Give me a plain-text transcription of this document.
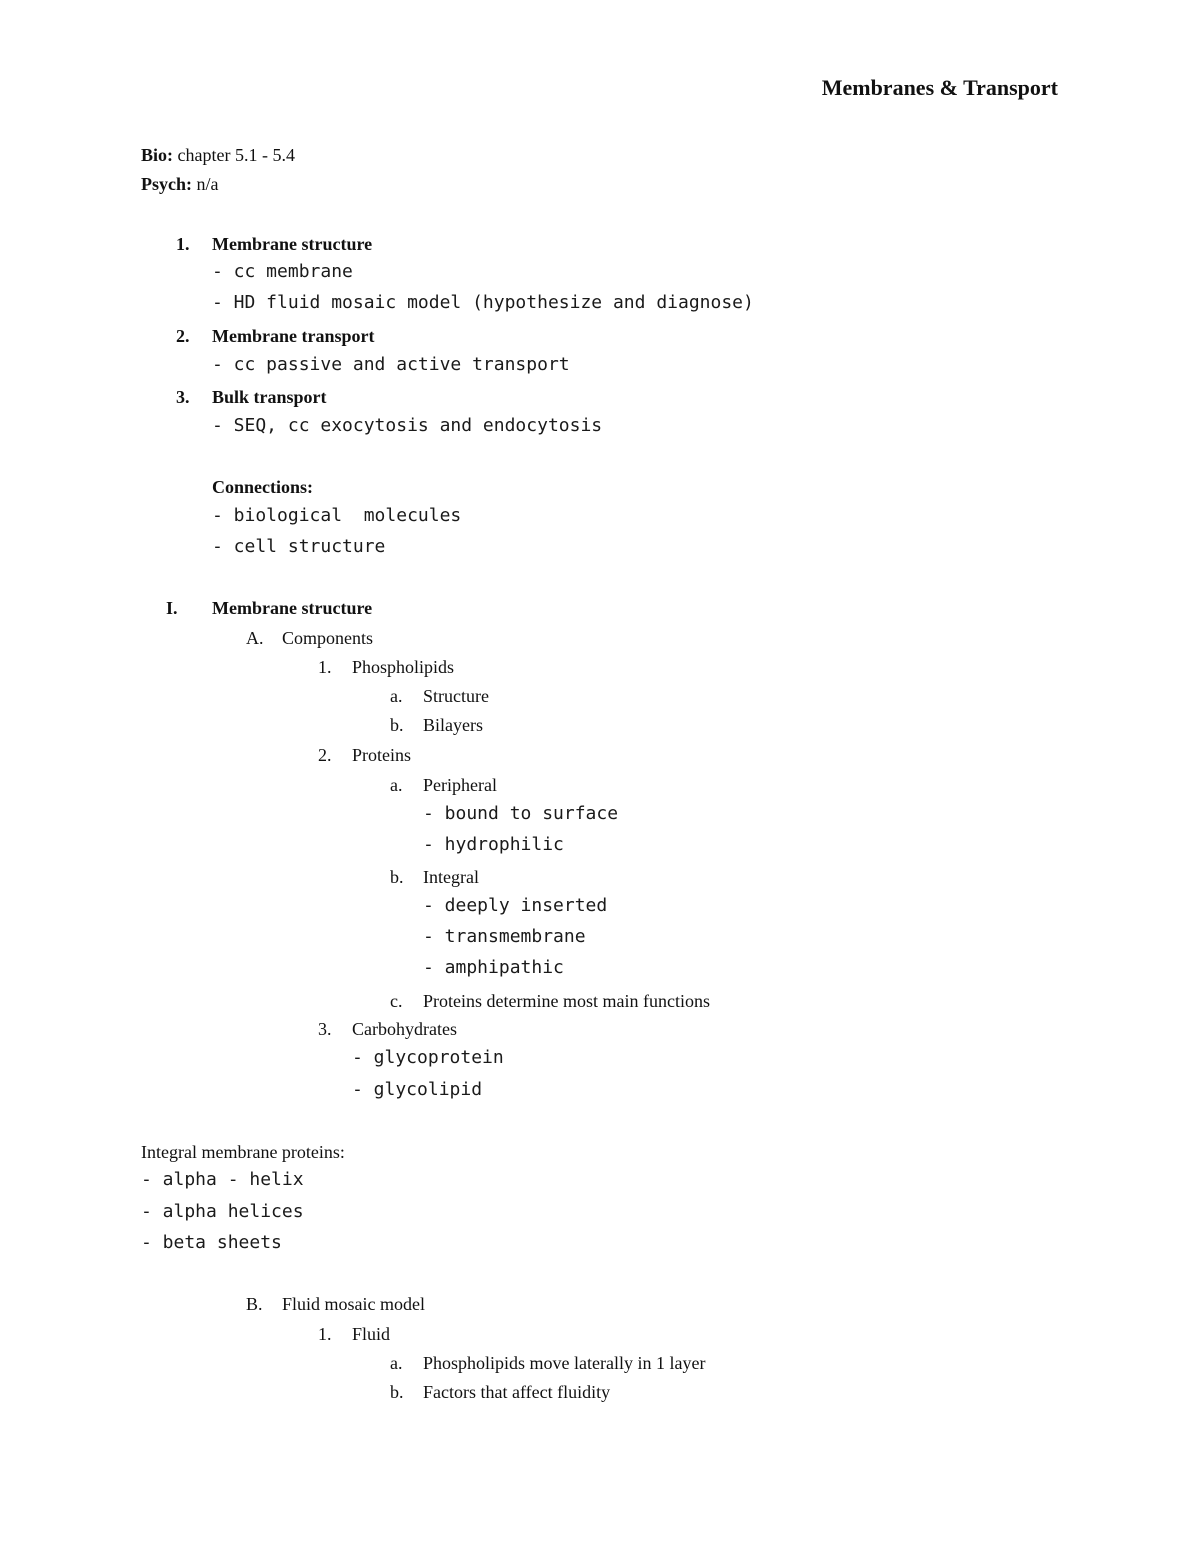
Membranes & Transport
Bio: chapter 5.1 - 5.4
Psych: n/a
1. Membrane structure
- cc membrane
- HD fluid mosaic model (hypothesize and diagnose)
2. Membrane transport
- cc passive and active transport
3. Bulk transport
- SEQ, cc exocytosis and endocytosis
Connections:
- biological  molecules
- cell structure
I. Membrane structure
A. Components
1. Phospholipids
a. Structure
b. Bilayers
2. Proteins
a. Peripheral
- bound to surface
- hydrophilic
b. Integral
- deeply inserted
- transmembrane
- amphipathic
c. Proteins determine most main functions
3. Carbohydrates
- glycoprotein
- glycolipid
Integral membrane proteins:
- alpha - helix
- alpha helices
- beta sheets
B. Fluid mosaic model
1. Fluid
a. Phospholipids move laterally in 1 layer
b. Factors that affect fluidity
